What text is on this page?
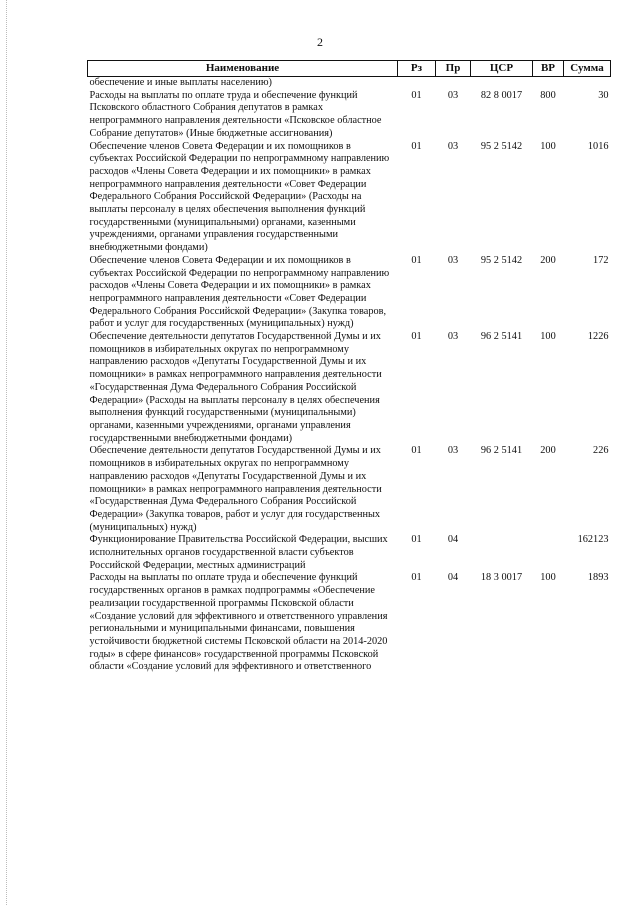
2
Наименование	Рз	Пр	ЦСР	ВР	Сумма
обеспечение и иные выплаты населению)					
Расходы на выплаты по оплате труда и обеспечение функций Псковского областного Собрания депутатов в рамках непрограммного направления деятельности «Псковское областное Собрание депутатов» (Иные бюджетные ассигнования)	01	03	82 8 0017	800	30
Обеспечение членов Совета Федерации и их помощников в субъектах Российской Федерации по непрограммному направлению расходов «Члены Совета Федерации и их помощники» в рамках непрограммного направления деятельности «Совет Федерации Федерального Собрания Российской Федерации» (Расходы на выплаты персоналу в целях обеспечения выполнения функций государственными (муниципальными) органами, казенными учреждениями, органами управления государственными внебюджетными фондами)	01	03	95 2 5142	100	1016
Обеспечение членов Совета Федерации и их помощников в субъектах Российской Федерации по непрограммному направлению расходов «Члены Совета Федерации и их помощники» в рамках непрограммного направления деятельности «Совет Федерации Федерального Собрания Российской Федерации» (Закупка товаров, работ и услуг для государственных (муниципальных) нужд)	01	03	95 2 5142	200	172
Обеспечение деятельности депутатов Государственной Думы и их помощников в избирательных округах по непрограммному направлению расходов «Депутаты Государственной Думы и их помощники» в рамках непрограммного направления деятельности «Государственная Дума Федерального Собрания Российской Федерации» (Расходы на выплаты персоналу в целях обеспечения выполнения функций государственными (муниципальными) органами, казенными учреждениями, органами управления государственными внебюджетными фондами)	01	03	96 2 5141	100	1226
Обеспечение деятельности депутатов Государственной Думы и их помощников в избирательных округах по непрограммному направлению расходов «Депутаты Государственной Думы и их помощники» в рамках непрограммного направления деятельности «Государственная Дума Федерального Собрания Российской Федерации» (Закупка товаров, работ и услуг для государственных (муниципальных) нужд)	01	03	96 2 5141	200	226
Функционирование Правительства Российской Федерации, высших исполнительных органов государственной власти субъектов Российской Федерации, местных администраций	01	04			162123
Расходы на выплаты по оплате труда и обеспечение функций государственных органов в рамках подпрограммы «Обеспечение реализации государственной программы Псковской области «Создание условий для эффективного и ответственного управления региональными и муниципальными финансами, повышения устойчивости бюджетной системы Псковской области на 2014-2020 годы» в сфере финансов» государственной программы Псковской области «Создание условий для эффективного и ответственного	01	04	18 3 0017	100	1893
